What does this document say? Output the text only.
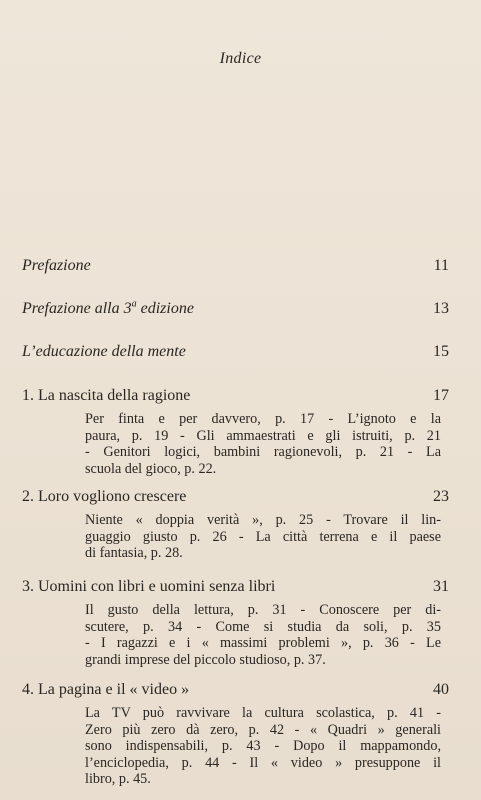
Indice
Prefazione	11
Prefazione alla 3$^a$ edizione	13
L’educazione della mente	15
1. La nascita della ragione	17
Per finta e per davvero, p. 17 - L’ignoto e la
paura, p. 19 - Gli ammaestrati e gli istruiti, p. 21
- Genitori logici, bambini ragionevoli, p. 21 - La
scuola del gioco, p. 22.
2. Loro vogliono crescere	23
Niente « doppia verità », p. 25 - Trovare il lin-
guaggio giusto p. 26 - La città terrena e il paese
di fantasia, p. 28.
3. Uomini con libri e uomini senza libri	31
Il gusto della lettura, p. 31 - Conoscere per di-
scutere, p. 34 - Come si studia da soli, p. 35
- I ragazzi e i « massimi problemi », p. 36 - Le
grandi imprese del piccolo studioso, p. 37.
4. La pagina e il « video »	40
La TV può ravvivare la cultura scolastica, p. 41 -
Zero più zero dà zero, p. 42 - « Quadri » generali
sono indispensabili, p. 43 - Dopo il mappamondo,
l’enciclopedia, p. 44 - Il « video » presuppone il
libro, p. 45.
